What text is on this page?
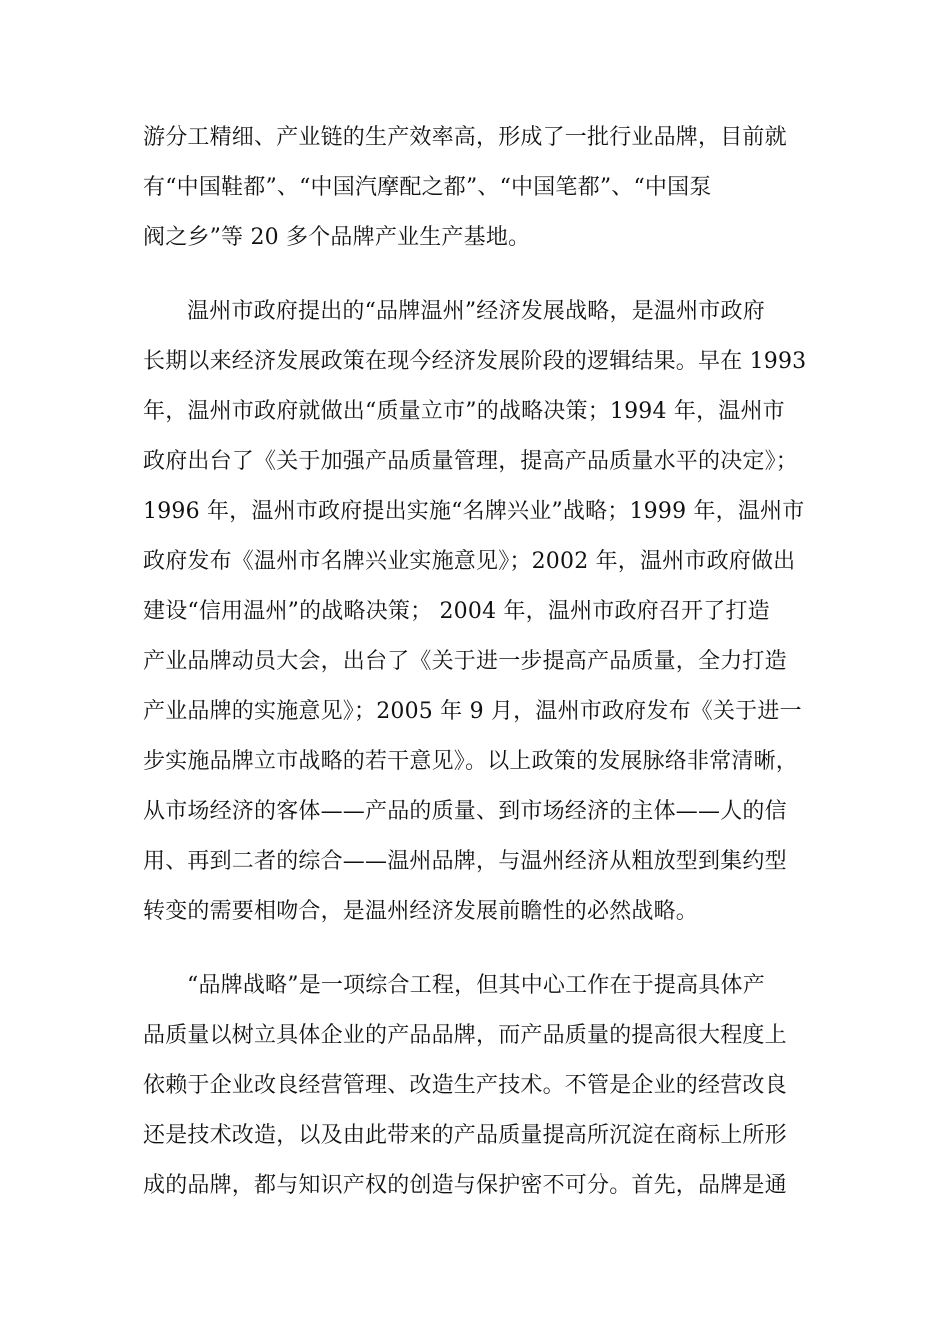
游分工精细、产业链的生产效率高，形成了一批行业品牌，目前就
有“中国鞋都”、“中国汽摩配之都”、“中国笔都”、“中国泵
阀之乡”等 20 多个品牌产业生产基地。
温州市政府提出的“品牌温州”经济发展战略，是温州市政府
长期以来经济发展政策在现今经济发展阶段的逻辑结果。早在 1993
年，温州市政府就做出“质量立市”的战略决策；1994 年，温州市
政府出台了《关于加强产品质量管理，提高产品质量水平的决定》；
1996 年，温州市政府提出实施“名牌兴业”战略；1999 年，温州市
政府发布《温州市名牌兴业实施意见》；2002 年，温州市政府做出
建设“信用温州”的战略决策； 2004 年，温州市政府召开了打造
产业品牌动员大会，出台了《关于进一步提高产品质量，全力打造
产业品牌的实施意见》；2005 年 9 月，温州市政府发布《关于进一
步实施品牌立市战略的若干意见》。以上政策的发展脉络非常清晰，
从市场经济的客体——产品的质量、到市场经济的主体——人的信
用、再到二者的综合——温州品牌，与温州经济从粗放型到集约型
转变的需要相吻合，是温州经济发展前瞻性的必然战略。
“品牌战略”是一项综合工程，但其中心工作在于提高具体产
品质量以树立具体企业的产品品牌，而产品质量的提高很大程度上
依赖于企业改良经营管理、改造生产技术。不管是企业的经营改良
还是技术改造，以及由此带来的产品质量提高所沉淀在商标上所形
成的品牌，都与知识产权的创造与保护密不可分。首先，品牌是通
